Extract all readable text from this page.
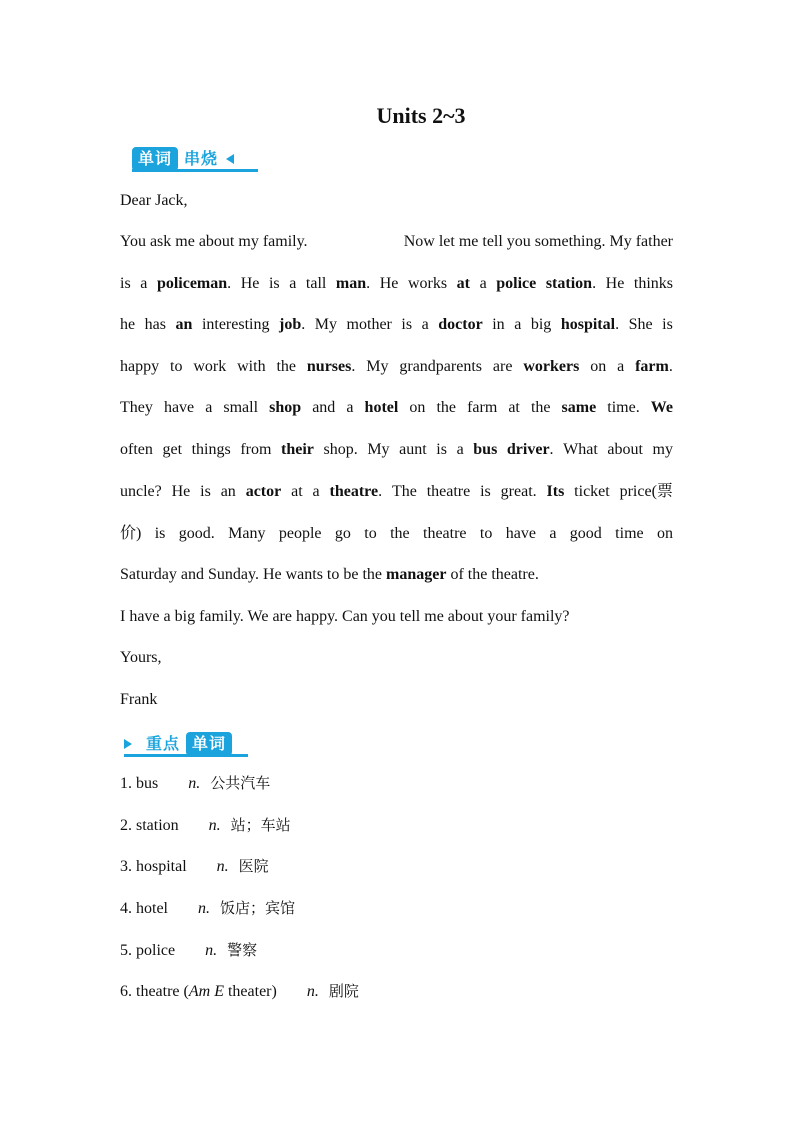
Units 2~3
单词 串烧
Dear Jack,
You ask me about my family.	Now let me tell you something. My father
is a policeman. He is a tall man. He works at a police station. He thinks
he has an interesting job. My mother is a doctor in a big hospital. She is
happy to work with the nurses. My grandparents are workers on a farm.
They have a small shop and a hotel on the farm at the same time. We
often get things from their shop. My aunt is a bus driver. What about my
uncle? He is an actor at a theatre. The theatre is great. Its ticket price(票
价) is good. Many people go to the theatre to have a good time on
Saturday and Sunday. He wants to be the manager of the theatre.
I have a big family. We are happy. Can you tell me about your family?
Yours,
Frank
重点 单词
1. bus n. 公共汽车
2. station n. 站；车站
3. hospital n. 医院
4. hotel n. 饭店；宾馆
5. police n. 警察
6. theatre (Am E theater) n. 剧院
